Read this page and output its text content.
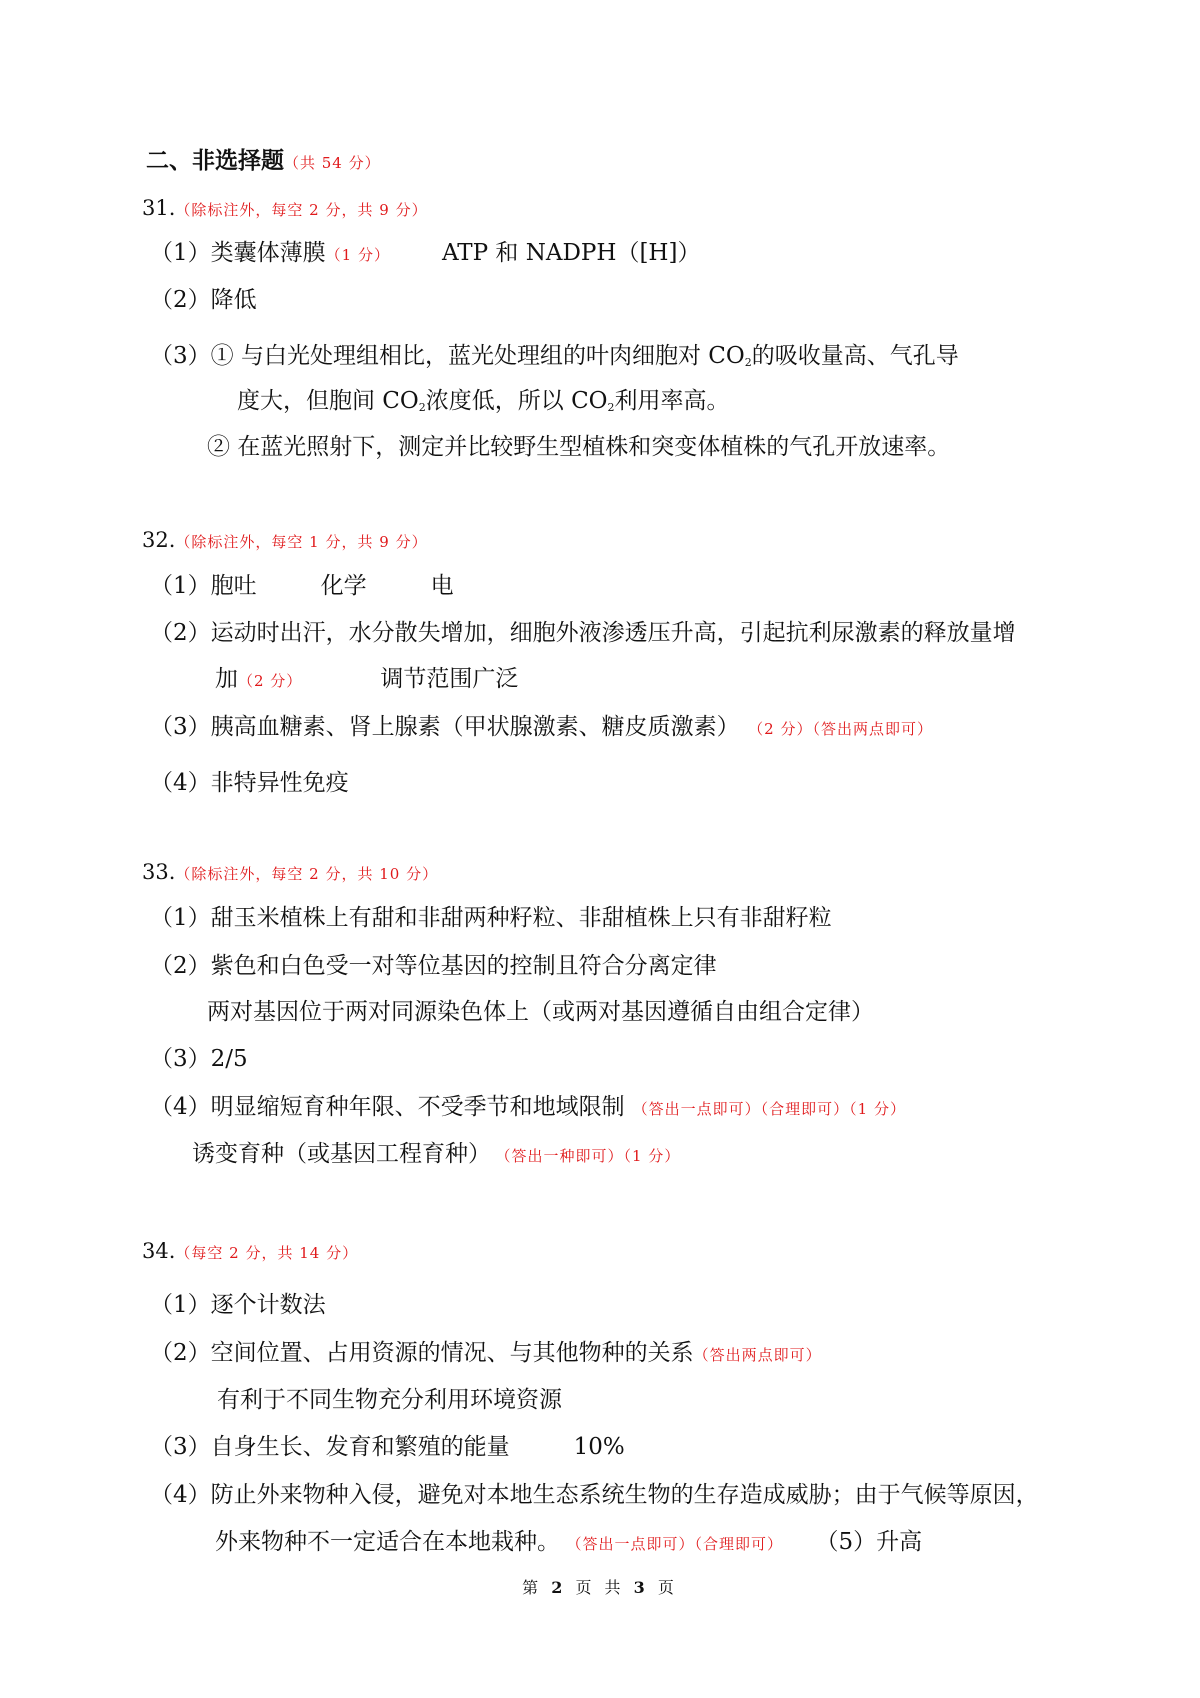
二、非选择题（共 54 分）
31.（除标注外，每空 2 分，共 9 分）
（1）类囊体薄膜（1 分） ATP 和 NADPH（[H]）
（2）降低
（3）① 与白光处理组相比，蓝光处理组的叶肉细胞对 $CO_2$的吸收量高、气孔导
度大，但胞间 $CO_2$浓度低，所以 $CO_2$利用率高。
② 在蓝光照射下，测定并比较野生型植株和突变体植株的气孔开放速率。
32.（除标注外，每空 1 分，共 9 分）
（1）胞吐	化学	电
（2）运动时出汗，水分散失增加，细胞外液渗透压升高，引起抗利尿激素的释放量增
加（2 分）	调节范围广泛
（3）胰高血糖素、肾上腺素（甲状腺激素、糖皮质激素） （2 分）（答出两点即可）
（4）非特异性免疫
33.（除标注外，每空 2 分，共 10 分）
（1）甜玉米植株上有甜和非甜两种籽粒、非甜植株上只有非甜籽粒
（2）紫色和白色受一对等位基因的控制且符合分离定律
两对基因位于两对同源染色体上（或两对基因遵循自由组合定律）
（3）2/5
（4）明显缩短育种年限、不受季节和地域限制 （答出一点即可）（合理即可）（1 分）
诱变育种（或基因工程育种） （答出一种即可）（1 分）
34.（每空 2 分，共 14 分）
（1）逐个计数法
（2）空间位置、占用资源的情况、与其他物种的关系（答出两点即可）
有利于不同生物充分利用环境资源
（3）自身生长、发育和繁殖的能量	10%
（4）防止外来物种入侵，避免对本地生态系统生物的生存造成威胁；由于气候等原因，
外来物种不一定适合在本地栽种。 （答出一点即可）（合理即可） （5）升高
第 2 页 共 3 页
